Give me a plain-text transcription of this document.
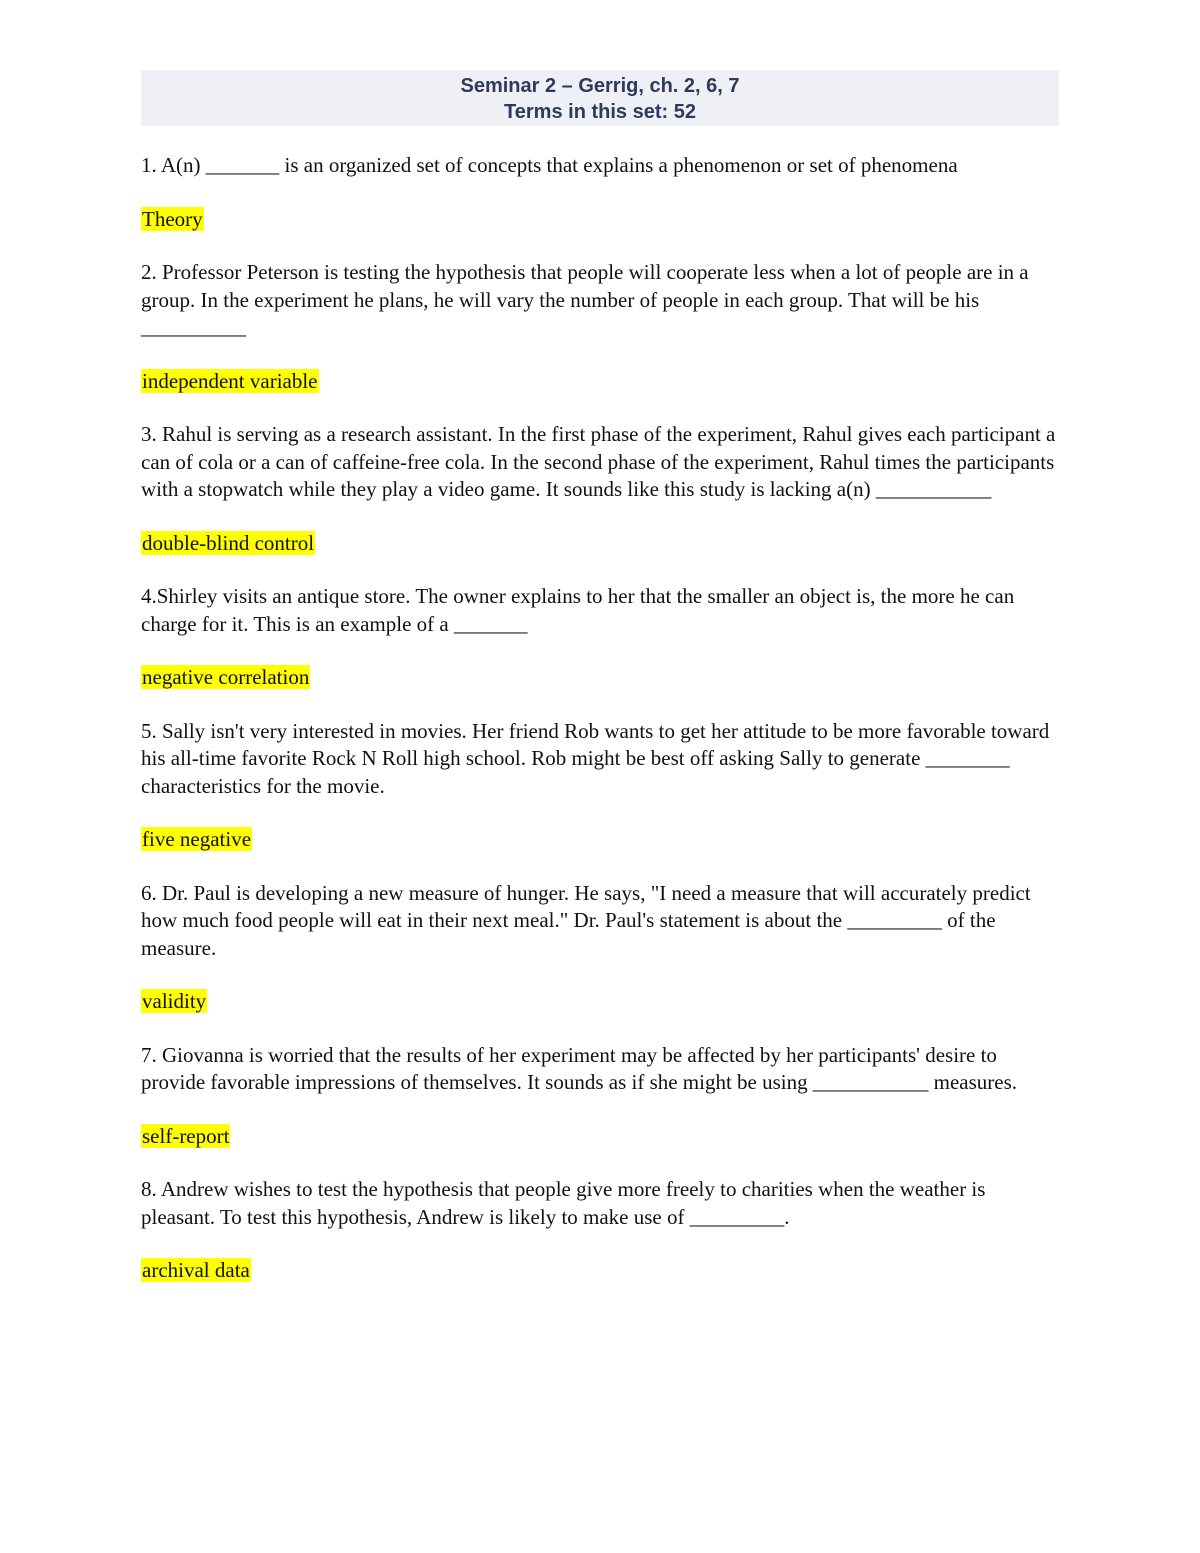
Seminar 2 – Gerrig, ch. 2, 6, 7
Terms in this set: 52

1. A(n) _______ is an organized set of concepts that explains a phenomenon or set of phenomena

Theory

2. Professor Peterson is testing the hypothesis that people will cooperate less when a lot of people are in a group. In the experiment he plans, he will vary the number of people in each group. That will be his __________

independent variable

3. Rahul is serving as a research assistant. In the first phase of the experiment, Rahul gives each participant a can of cola or a can of caffeine-free cola. In the second phase of the experiment, Rahul times the participants with a stopwatch while they play a video game. It sounds like this study is lacking a(n) ___________

double-blind control

4.Shirley visits an antique store. The owner explains to her that the smaller an object is, the more he can charge for it. This is an example of a _______

negative correlation

5. Sally isn't very interested in movies. Her friend Rob wants to get her attitude to be more favorable toward his all-time favorite Rock N Roll high school. Rob might be best off asking Sally to generate ________ characteristics for the movie.

five negative

6. Dr. Paul is developing a new measure of hunger. He says, "I need a measure that will accurately predict how much food people will eat in their next meal." Dr. Paul's statement is about the _________ of the measure.

validity

7. Giovanna is worried that the results of her experiment may be affected by her participants' desire to provide favorable impressions of themselves. It sounds as if she might be using ___________ measures.

self-report

8. Andrew wishes to test the hypothesis that people give more freely to charities when the weather is pleasant. To test this hypothesis, Andrew is likely to make use of _________.

archival data
